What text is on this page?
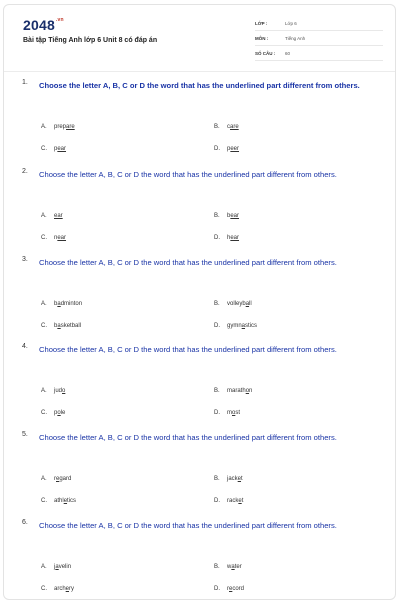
$2048^{.vn}$
Bài tập Tiếng Anh lớp 6 Unit 8 có đáp án
LỚP :	Lớp 6
MÔN :	Tiếng Anh
SỐ CÂU :	60
1. Choose the letter A, B, C or D the word that has the underlined part different from others.
A.	prepare	B.	care
C.	pear	D.	peer
2. Choose the letter A, B, C or D the word that has the underlined part different from others.
A.	ear	B.	bear
C.	near	D.	hear
3. Choose the letter A, B, C or D the word that has the underlined part different from others.
A.	badminton	B.	volleyball
C.	basketball	D.	gymnastics
4. Choose the letter A, B, C or D the word that has the underlined part different from others.
A.	judo	B.	marathon
C.	pole	D.	most
5. Choose the letter A, B, C or D the word that has the underlined part different from others.
A.	regard	B.	jacket
C.	athletics	D.	racket
6. Choose the letter A, B, C or D the word that has the underlined part different from others.
A.	javelin	B.	water
C.	archery	D.	record
